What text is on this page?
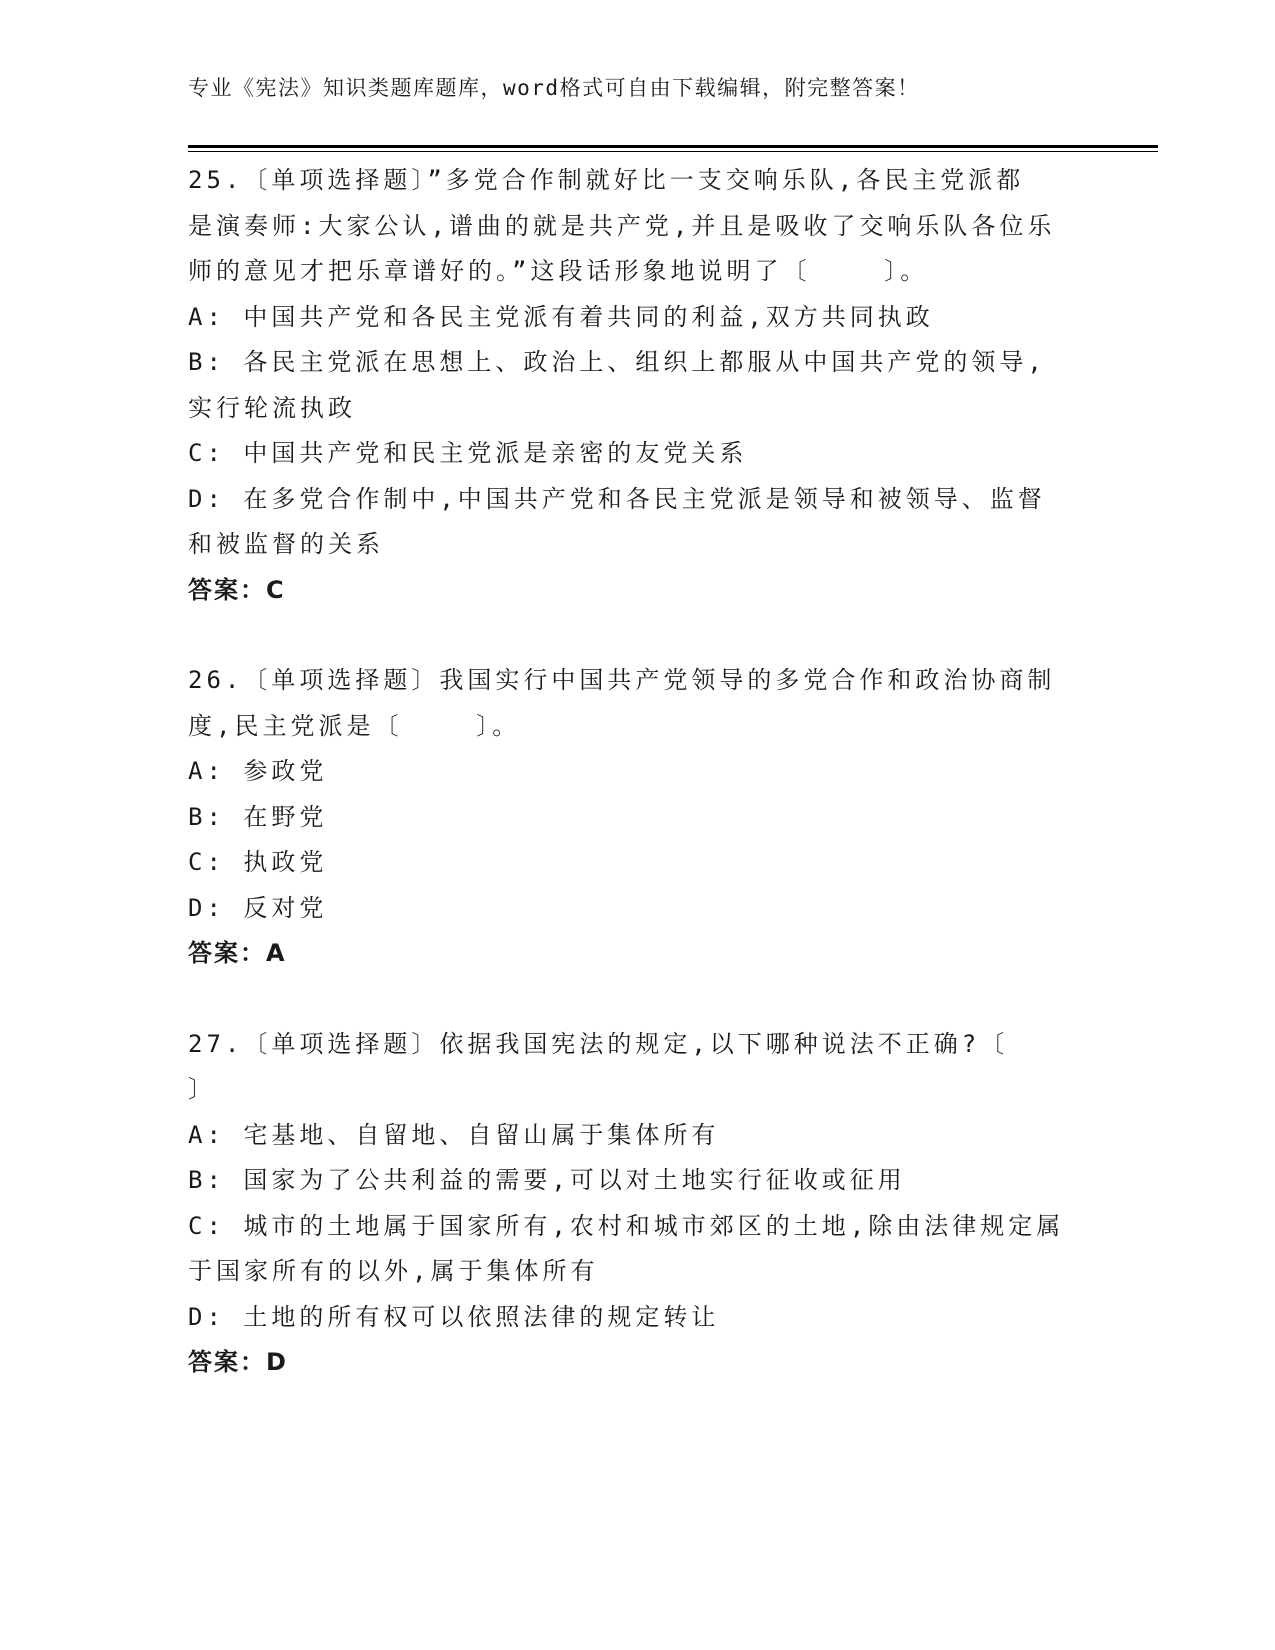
专业《宪法》知识类题库题库，word格式可自由下载编辑，附完整答案！
25.〔单项选择题〕”多党合作制就好比一支交响乐队,各民主党派都
是演奏师:大家公认,谱曲的就是共产党,并且是吸收了交响乐队各位乐
师的意见才把乐章谱好的。”这段话形象地说明了〔    〕。
A: 中国共产党和各民主党派有着共同的利益,双方共同执政
B: 各民主党派在思想上、政治上、组织上都服从中国共产党的领导,
实行轮流执政
C: 中国共产党和民主党派是亲密的友党关系
D: 在多党合作制中,中国共产党和各民主党派是领导和被领导、监督
和被监督的关系
答案：C
26.〔单项选择题〕我国实行中国共产党领导的多党合作和政治协商制
度,民主党派是〔    〕。
A: 参政党
B: 在野党
C: 执政党
D: 反对党
答案：A
27.〔单项选择题〕依据我国宪法的规定,以下哪种说法不正确?〔
〕
A: 宅基地、自留地、自留山属于集体所有
B: 国家为了公共利益的需要,可以对土地实行征收或征用
C: 城市的土地属于国家所有,农村和城市郊区的土地,除由法律规定属
于国家所有的以外,属于集体所有
D: 土地的所有权可以依照法律的规定转让
答案：D
